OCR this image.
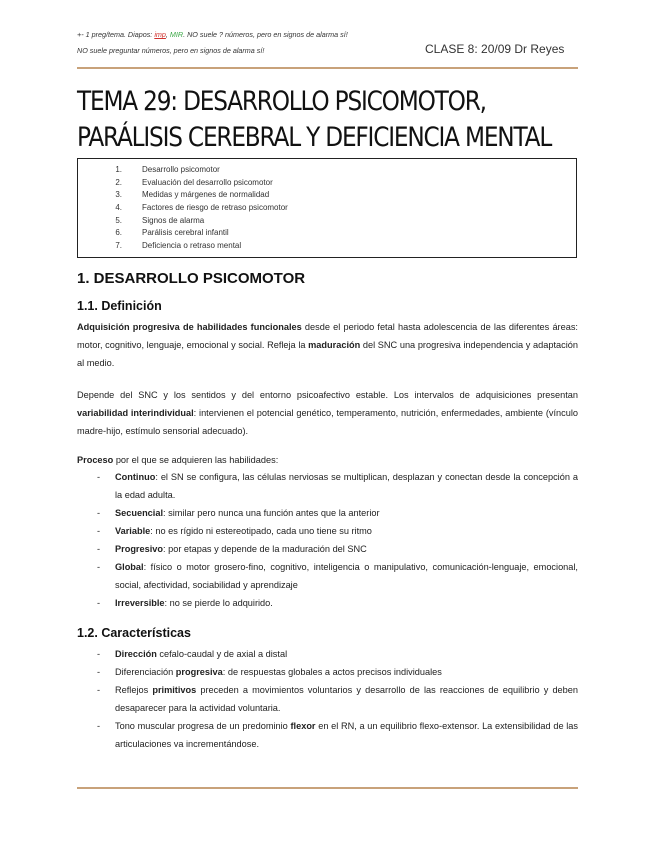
+- 1 preg/tema. Diapos: imp, MIR. NO suele ? números, pero en signos de alarma sí!
NO suele preguntar números, pero en signos de alarma sí!	CLASE 8: 20/09 Dr Reyes
TEMA 29: DESARROLLO PSICOMOTOR,
PARÁLISIS CEREBRAL Y DEFICIENCIA MENTAL
1.	Desarrollo psicomotor
2.	Evaluación del desarrollo psicomotor
3.	Medidas y márgenes de normalidad
4.	Factores de riesgo de retraso psicomotor
5.	Signos de alarma
6.	Parálisis cerebral infantil
7.	Deficiencia o retraso mental
1. DESARROLLO PSICOMOTOR
1.1. Definición

Adquisición progresiva de habilidades funcionales desde el periodo fetal hasta adolescencia de las diferentes áreas: motor, cognitivo, lenguaje, emocional y social. Refleja la maduración del SNC una progresiva independencia y adaptación al medio.

Depende del SNC y los sentidos y del entorno psicoafectivo estable. Los intervalos de adquisiciones presentan variabilidad interindividual: intervienen el potencial genético, temperamento, nutrición, enfermedades, ambiente (vínculo madre-hijo, estímulo sensorial adecuado).

Proceso por el que se adquieren las habilidades:

- Continuo: el SN se configura, las células nerviosas se multiplican, desplazan y conectan desde la concepción a la edad adulta.
- Secuencial: similar pero nunca una función antes que la anterior
- Variable: no es rígido ni estereotipado, cada uno tiene su ritmo
- Progresivo: por etapas y depende de la maduración del SNC
- Global: físico o motor grosero-fino, cognitivo, inteligencia o manipulativo, comunicación-lenguaje, emocional, social, afectividad, sociabilidad y aprendizaje
- Irreversible: no se pierde lo adquirido.
1.2. Características
- Dirección cefalo-caudal y de axial a distal
- Diferenciación progresiva: de respuestas globales a actos precisos individuales
- Reflejos primitivos preceden a movimientos voluntarios y desarrollo de las reacciones de equilibrio y deben desaparecer para la actividad voluntaria.
- Tono muscular progresa de un predominio flexor en el RN, a un equilibrio flexo-extensor. La extensibilidad de las articulaciones va incrementándose.
